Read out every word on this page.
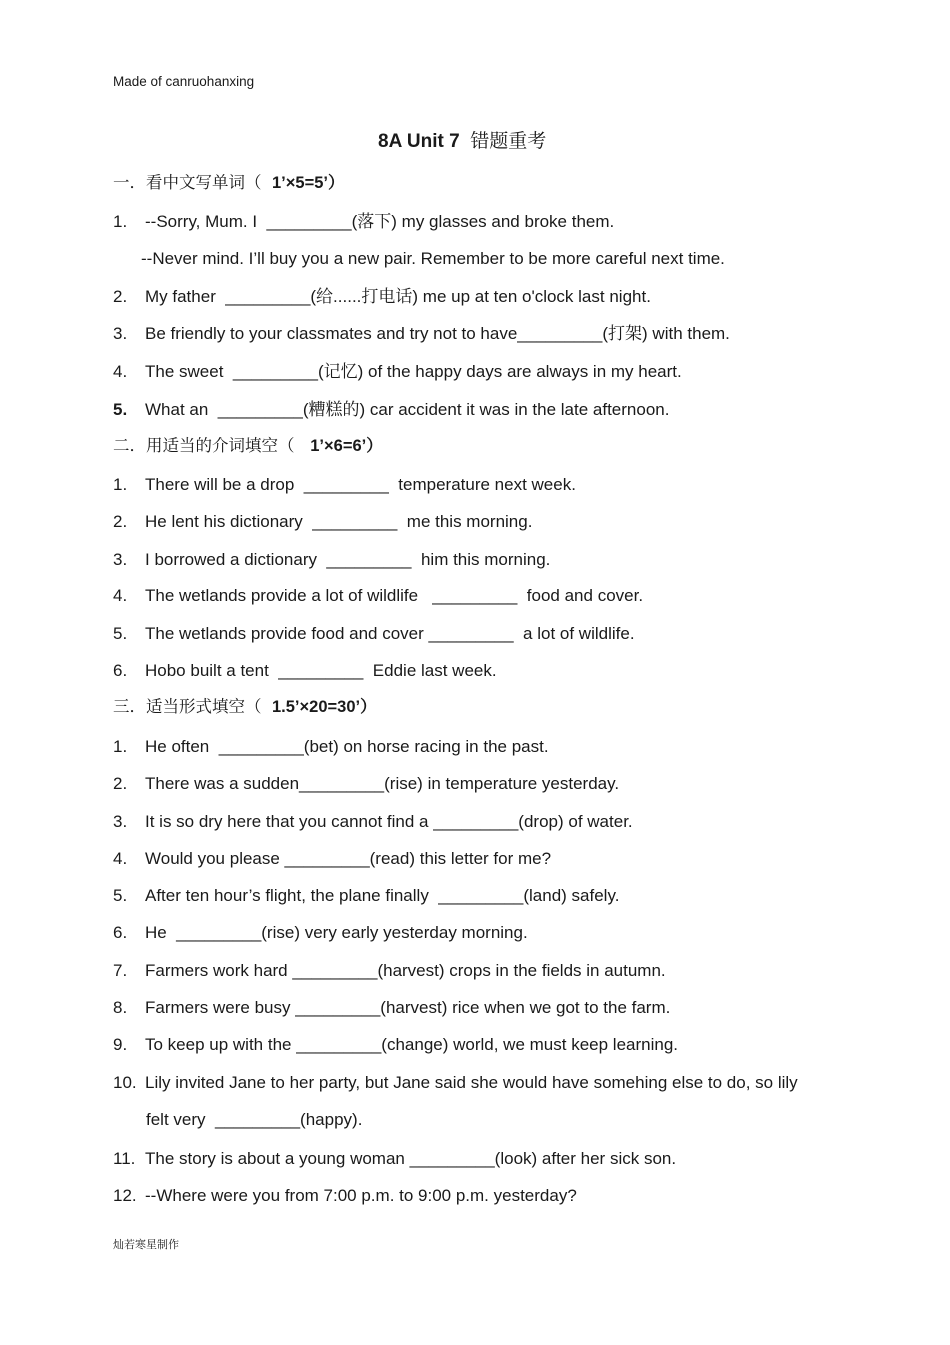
Made of canruohanxing
8A Unit 7 错题重考
一．看中文写单词（ 1’×5=5’）
1. --Sorry, Mum. I  _________(落下) my glasses and broke them.
--Never mind. I’ll buy you a new pair. Remember to be more careful next time.
2. My father  _________(给......打电话) me up at ten o'clock last night.
3. Be friendly to your classmates and try not to have_________(打架) with them.
4. The sweet  _________(记忆) of the happy days are always in my heart.
5. What an  _________(糟糕的) car accident it was in the late afternoon.
二．用适当的介词填空（ 1’×6=6’）
1. There will be a drop  _________  temperature next week.
2. He lent his dictionary  _________  me this morning.
3. I borrowed a dictionary  _________  him this morning.
4. The wetlands provide a lot of wildlife   _________  food and cover.
5. The wetlands provide food and cover _________  a lot of wildlife.
6. Hobo built a tent  _________  Eddie last week.
三．适当形式填空（ 1.5’×20=30’）
1. He often  _________(bet) on horse racing in the past.
2. There was a sudden_________(rise) in temperature yesterday.
3. It is so dry here that you cannot find a _________(drop) of water.
4. Would you please _________(read) this letter for me?
5. After ten hour’s flight, the plane finally  _________(land) safely.
6. He  _________(rise) very early yesterday morning.
7. Farmers work hard _________(harvest) crops in the fields in autumn.
8. Farmers were busy _________(harvest) rice when we got to the farm.
9. To keep up with the _________(change) world, we must keep learning.
10. Lily invited Jane to her party, but Jane said she would have somehing else to do, so lily
felt very  _________(happy).
11. The story is about a young woman _________(look) after her sick son.
12. --Where were you from 7:00 p.m. to 9:00 p.m. yesterday?
灿若寒星制作
